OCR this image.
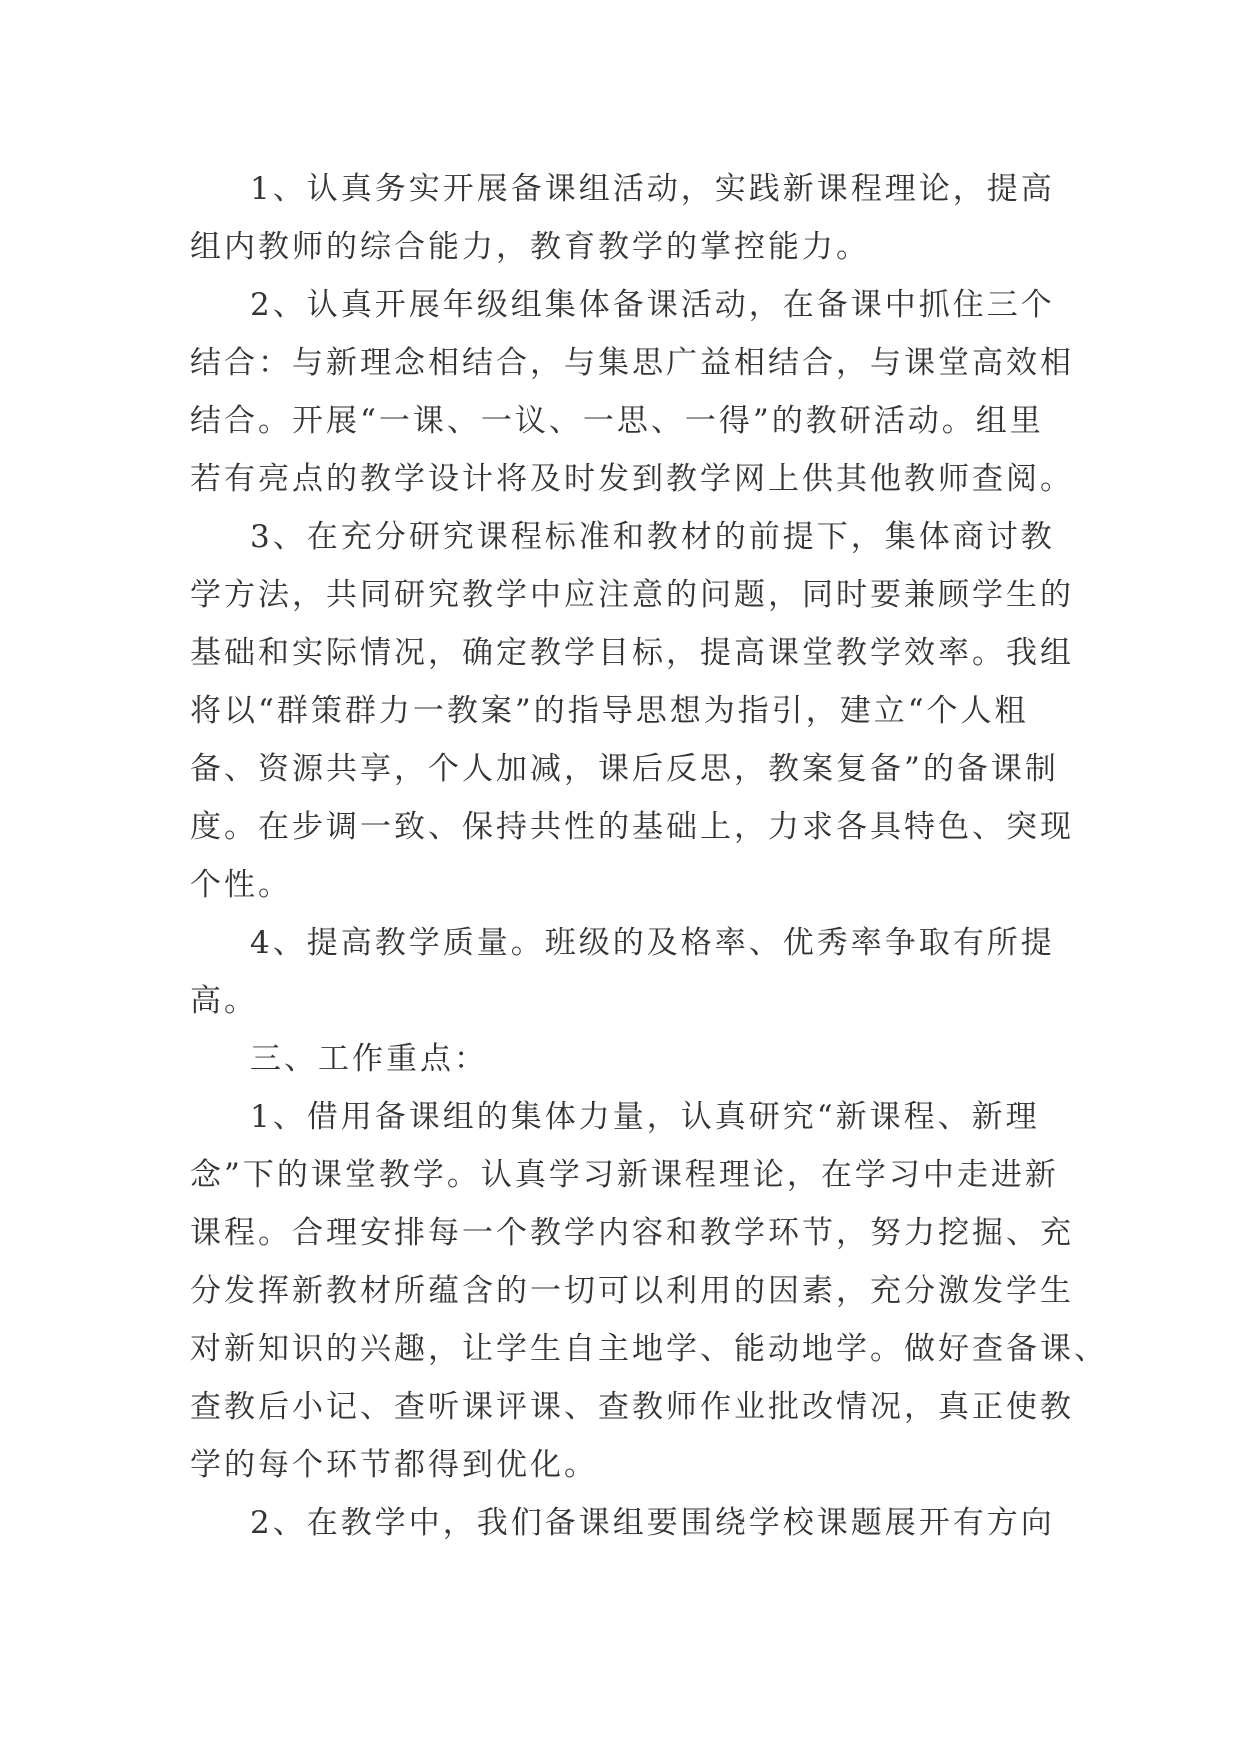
1、认真务实开展备课组活动，实践新课程理论，提高
组内教师的综合能力，教育教学的掌控能力。
2、认真开展年级组集体备课活动，在备课中抓住三个
结合：与新理念相结合，与集思广益相结合，与课堂高效相
结合。开展“一课、一议、一思、一得”的教研活动。组里
若有亮点的教学设计将及时发到教学网上供其他教师查阅。
3、在充分研究课程标准和教材的前提下，集体商讨教
学方法，共同研究教学中应注意的问题，同时要兼顾学生的
基础和实际情况，确定教学目标，提高课堂教学效率。我组
将以“群策群力一教案”的指导思想为指引，建立“个人粗
备、资源共享，个人加减，课后反思，教案复备”的备课制
度。在步调一致、保持共性的基础上，力求各具特色、突现
个性。
4、提高教学质量。班级的及格率、优秀率争取有所提
高。
三、工作重点：
1、借用备课组的集体力量，认真研究“新课程、新理
念”下的课堂教学。认真学习新课程理论，在学习中走进新
课程。合理安排每一个教学内容和教学环节，努力挖掘、充
分发挥新教材所蕴含的一切可以利用的因素，充分激发学生
对新知识的兴趣，让学生自主地学、能动地学。做好查备课、
查教后小记、查听课评课、查教师作业批改情况，真正使教
学的每个环节都得到优化。
2、在教学中，我们备课组要围绕学校课题展开有方向
